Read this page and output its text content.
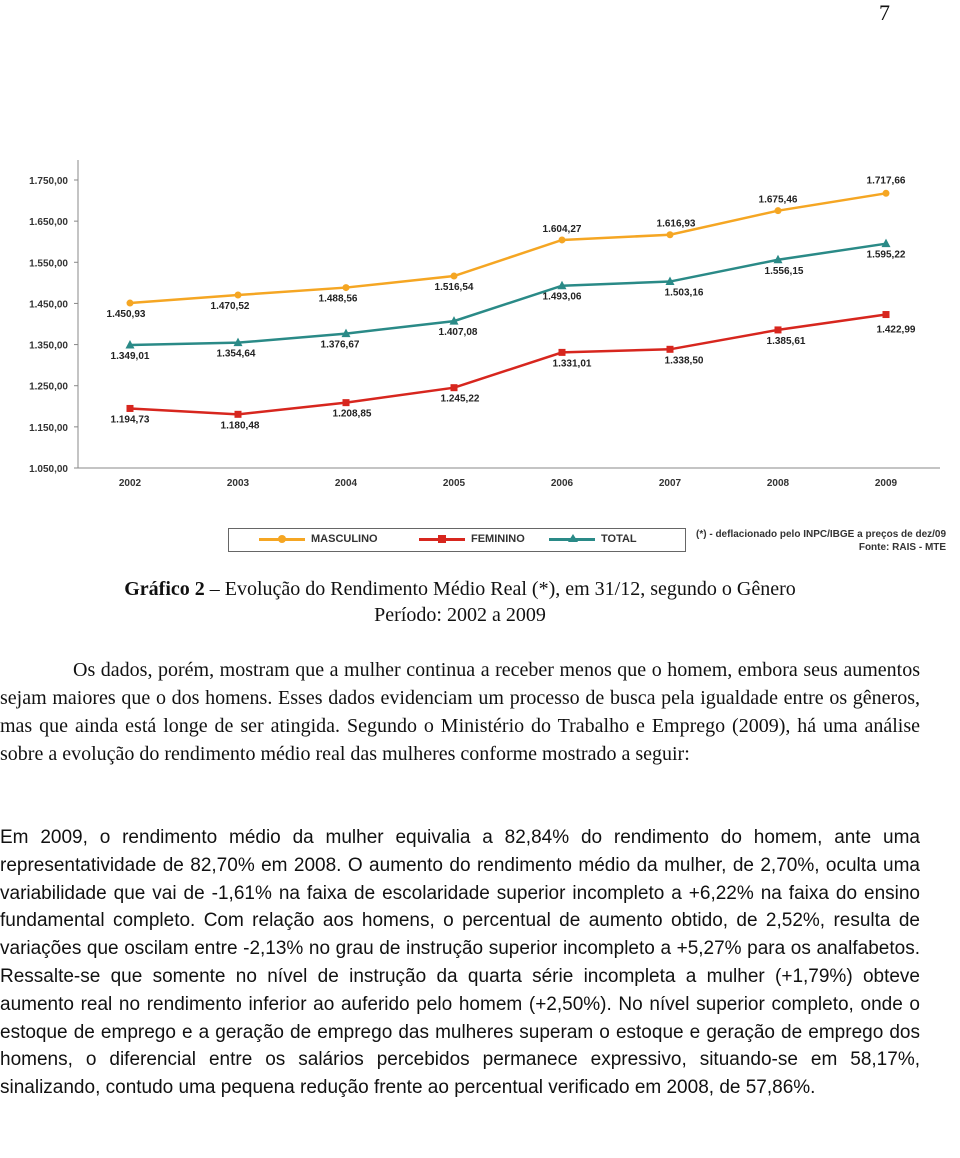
7
1.050,00
1.150,00
1.250,00
1.350,00
1.450,00
1.550,00
1.650,00
1.750,00
2002	2003	2004	2005	2006	2007	2008	2009
1.450,93
1.470,52
1.488,56
1.516,54
1.604,27	1.616,93
1.675,46
1.717,66
1.194,73
1.180,48
1.208,85
1.245,22
1.331,01	1.338,50
1.385,61
1.422,99
1.349,01	1.354,64
1.376,67
1.407,08
1.493,06	1.503,16
1.556,15
1.595,22
MASCULINO	FEMININO	TOTAL	(*) - deflacionado pelo INPC/IBGE a preços de dez/09
Fonte: RAIS - MTE
Gráfico 2 – Evolução do Rendimento Médio Real (*), em 31/12, segundo o Gênero
Período: 2002 a 2009
Os dados, porém, mostram que a mulher continua a receber menos que o homem, embora seus aumentos sejam maiores que o dos homens. Esses dados evidenciam um processo de busca pela igualdade entre os gêneros, mas que ainda está longe de ser atingida. Segundo o Ministério do Trabalho e Emprego (2009), há uma análise sobre a evolução do rendimento médio real das mulheres conforme mostrado a seguir:
Em 2009, o rendimento médio da mulher equivalia a 82,84% do rendimento do homem, ante uma representatividade de 82,70% em 2008. O aumento do rendimento médio da mulher, de 2,70%, oculta uma variabilidade que vai de -1,61% na faixa de escolaridade superior incompleto a +6,22% na faixa do ensino fundamental completo. Com relação aos homens, o percentual de aumento obtido, de 2,52%, resulta de variações que oscilam entre -2,13% no grau de instrução superior incompleto a +5,27% para os analfabetos. Ressalte-se que somente no nível de instrução da quarta série incompleta a mulher (+1,79%) obteve aumento real no rendimento inferior ao auferido pelo homem (+2,50%). No nível superior completo, onde o estoque de emprego e a geração de emprego das mulheres superam o estoque e geração de emprego dos homens, o diferencial entre os salários percebidos permanece expressivo, situando-se em 58,17%, sinalizando, contudo uma pequena redução frente ao percentual verificado em 2008, de 57,86%.
